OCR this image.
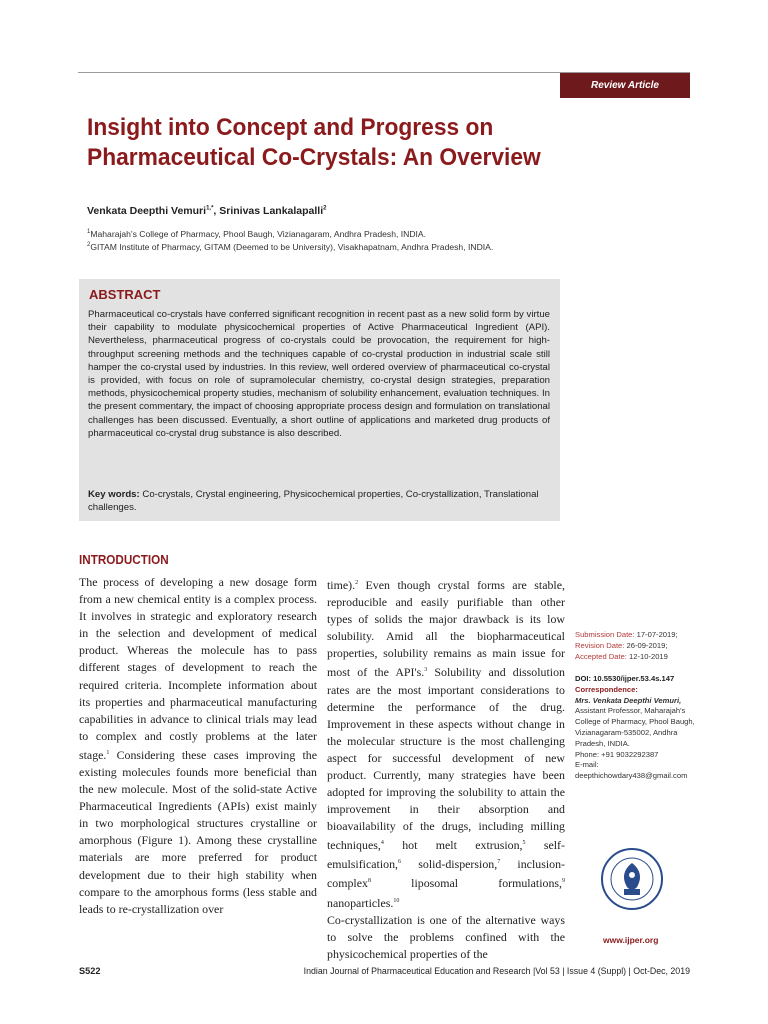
Review Article
Insight into Concept and Progress on Pharmaceutical Co-Crystals: An Overview
Venkata Deepthi Vemuri$^{1,*}$, Srinivas Lankalapalli$^2$
$^1$Maharajah's College of Pharmacy, Phool Baugh, Vizianagaram, Andhra Pradesh, INDIA.
$^2$GITAM Institute of Pharmacy, GITAM (Deemed to be University), Visakhapatnam, Andhra Pradesh, INDIA.
ABSTRACT
Pharmaceutical co-crystals have conferred significant recognition in recent past as a new solid form by virtue their capability to modulate physicochemical properties of Active Pharmaceutical Ingredient (API). Nevertheless, pharmaceutical progress of co-crystals could be provocation, the requirement for high-throughput screening methods and the techniques capable of co-crystal production in industrial scale still hamper the co-crystal used by industries. In this review, well ordered overview of pharmaceutical co-crystal is provided, with focus on role of supramolecular chemistry, co-crystal design strategies, preparation methods, physicochemical property studies, mechanism of solubility enhancement, evaluation techniques. In the present commentary, the impact of choosing appropriate process design and formulation on translational challenges has been discussed. Eventually, a short outline of applications and marketed drug products of pharmaceutical co-crystal drug substance is also described.
Key words: Co-crystals, Crystal engineering, Physicochemical properties, Co-crystallization, Translational challenges.
INTRODUCTION

The process of developing a new dosage form from a new chemical entity is a complex process. It involves in strategic and exploratory research in the selection and development of medical product. Whereas the molecule has to pass different stages of development to reach the required criteria. Incomplete information about its properties and pharmaceutical manufacturing capabilities in advance to clinical trials may lead to complex and costly problems at the later stage.$^1$ Considering these cases improving the existing molecules founds more beneficial than the new molecule. Most of the solid-state Active Pharmaceutical Ingredients (APIs) exist mainly in two morphological structures crystalline or amorphous (Figure 1). Among these crystalline materials are more preferred for product development due to their high stability when compare to the amorphous forms (less stable and leads to re-crystallization over

time).$^2$ Even though crystal forms are stable, reproducible and easily purifiable than other types of solids the major drawback is its low solubility. Amid all the biopharmaceutical properties, solubility remains as main issue for most of the API's.$^3$ Solubility and dissolution rates are the most important considerations to determine the performance of the drug. Improvement in these aspects without change in the molecular structure is the most challenging aspect for successful development of new product. Currently, many strategies have been adopted for improving the solubility to attain the improvement in their absorption and bioavailability of the drugs, including milling techniques,$^4$ hot melt extrusion,$^5$ self-emulsification,$^6$ solid-dispersion,$^7$ inclusion-complex$^8$ liposomal formulations,$^9$ nanoparticles.$^{10}$

Co-crystallization is one of the alternative ways to solve the problems confined with the physicochemical properties of the

Submission Date: 17-07-2019;
Revision Date: 26-09-2019;
Accepted Date: 12-10-2019
DOI: 10.5530/ijper.53.4s.147
Correspondence:
Mrs. Venkata Deepthi Vemuri,
Assistant Professor, Maharajah's College of Pharmacy, Phool Baugh, Vizianagaram-535002, Andhra Pradesh, INDIA.
Phone: +91 9032292387
E-mail: deepthichowdary438@gmail.com
www.ijper.org
S522	Indian Journal of Pharmaceutical Education and Research |Vol 53 | Issue 4 (Suppl) | Oct-Dec, 2019
